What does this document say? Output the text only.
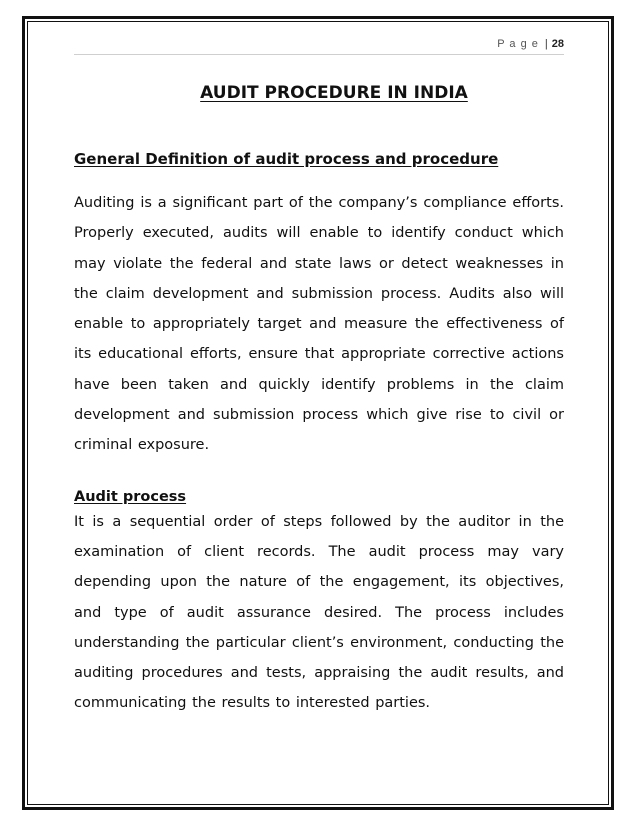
P a g e | 28
AUDIT PROCEDURE IN INDIA
General Definition of audit process and procedure

Auditing is a significant part of the company’s compliance efforts. Properly executed, audits will enable to identify conduct which may violate the federal and state laws or detect weaknesses in the claim development and submission process. Audits also will enable to appropriately target and measure the effectiveness of its educational efforts, ensure that appropriate corrective actions have been taken and quickly identify problems in the claim development and submission process which give rise to civil or criminal exposure.

Audit process

It is a sequential order of steps followed by the auditor in the examination of client records. The audit process may vary depending upon the nature of the engagement, its objectives, and type of audit assurance desired. The process includes understanding the particular client’s environment, conducting the auditing procedures and tests, appraising the audit results, and communicating the results to interested parties.
